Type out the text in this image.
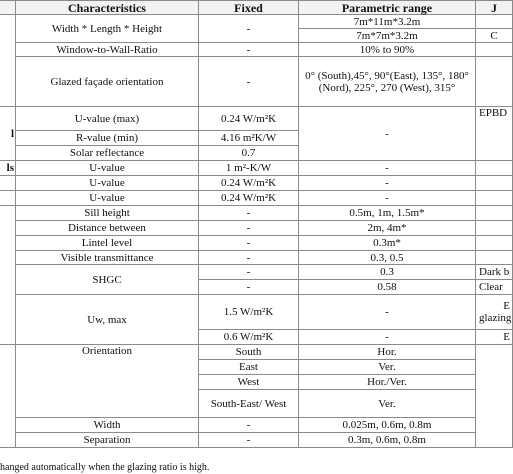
	Characteristics	Fixed	Parametric range	J
	Width * Length * Height	-	7m*11m*3.2m	
			7m*7m*3.2m	C
	Window-to-Wall-Ratio	-	10% to 90%	
	Glazed façade orientation	-	0° (South),45°, 90°(East), 135°, 180° (Nord), 225°, 270 (West), 315°	
l	U-value (max)	0.24 W/m²K	-	EPBD
	R-value (min)	4.16 m²K/W		
	Solar reflectance	0.7		
ls	U-value	1 m²-K/W	-	
	U-value	0.24 W/m²K	-	
	U-value	0.24 W/m²K	-	
	Sill height	-	0.5m, 1m, 1.5m*	
	Distance between	-	2m, 4m*	
	Lintel level	-	0.3m*	
	Visible transmittance	-	0.3, 0.5	
	SHGC	-	0.3	Dark b
		-	0.58	Clear
	Uw, max	1.5 W/m²K	-	E
glazing

		0.6 W/m²K	-	E
	Orientation	South	Hor.	
		East	Ver.	
		West	Hor./Ver.	
		South-East/ West	Ver.	
	Width	-	0.025m, 0.6m, 0.8m	
	Separation	-	0.3m, 0.6m, 0.8m	
hanged automatically when the glazing ratio is high.
